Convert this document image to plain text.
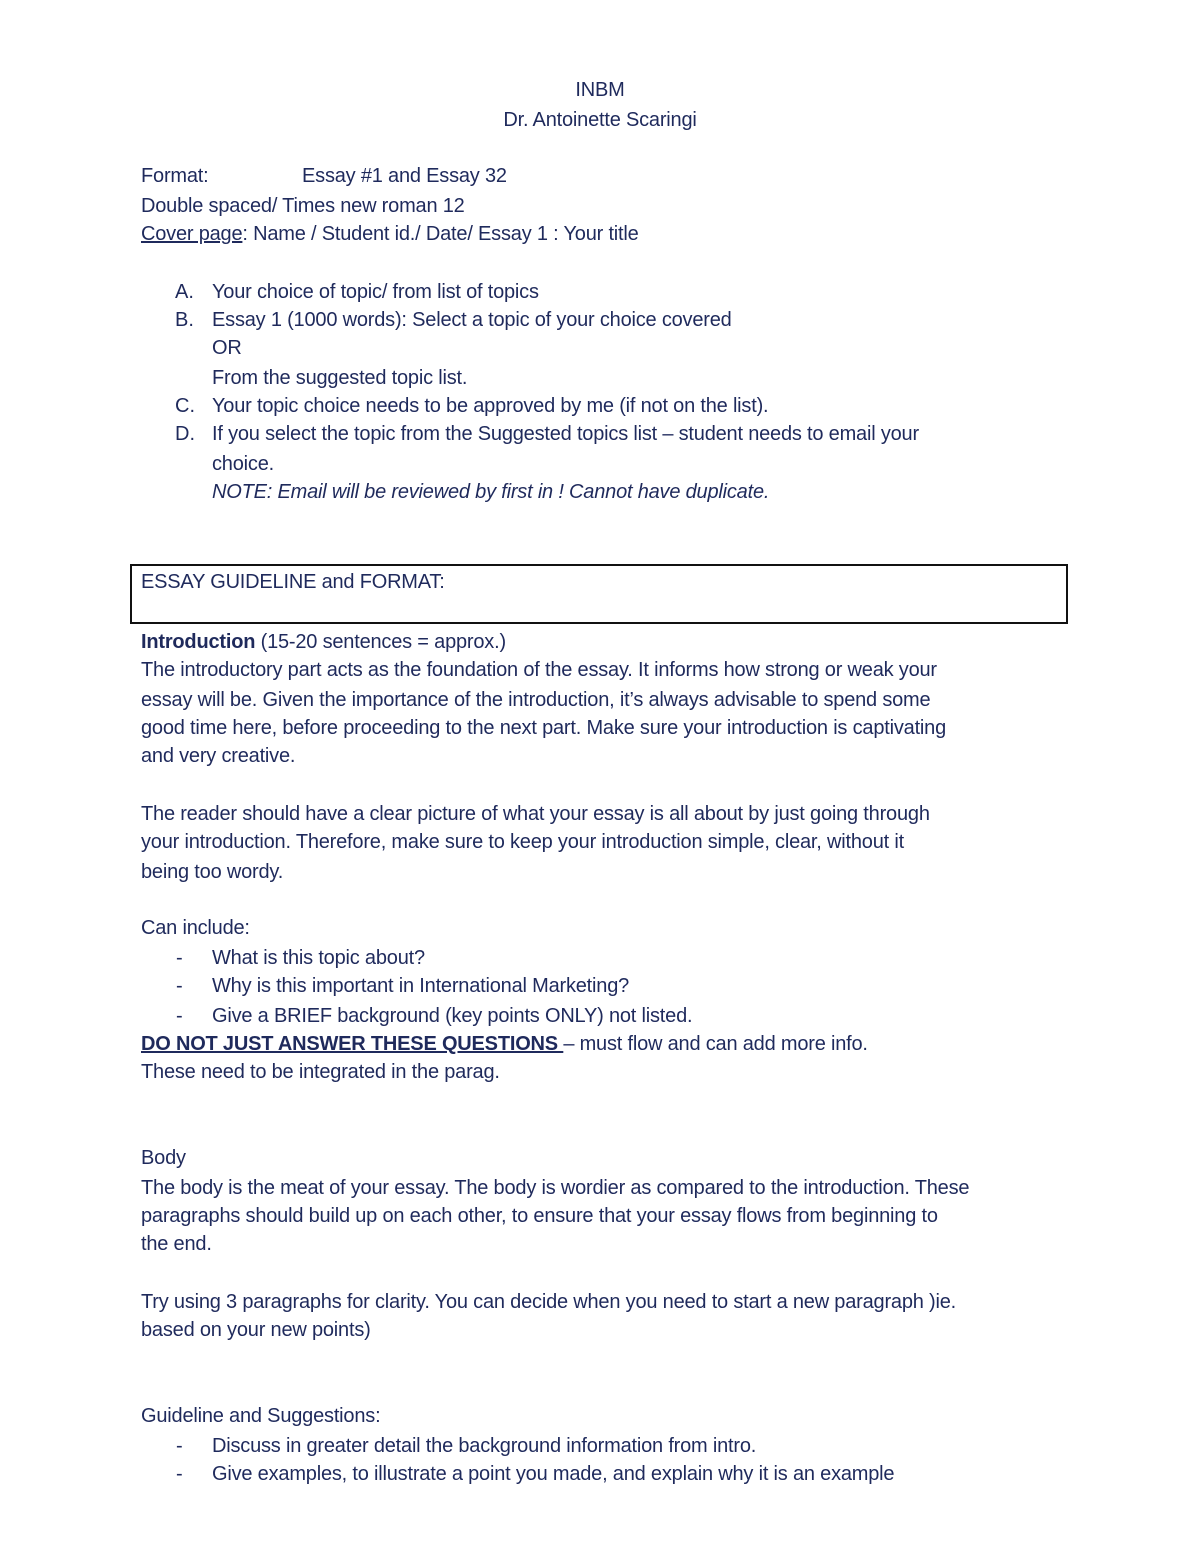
INBM
Dr. Antoinette Scaringi
Format:	Essay #1 and Essay 32
Double spaced/ Times new roman 12
Cover page: Name / Student id./ Date/ Essay 1 : Your title
A. Your choice of topic/ from list of topics
B. Essay 1 (1000 words): Select a topic of your choice covered
OR
From the suggested topic list.
C. Your topic choice needs to be approved by me (if not on the list).
D. If you select the topic from the Suggested topics list – student needs to email your
choice.
NOTE: Email will be reviewed by first in ! Cannot have duplicate.
ESSAY GUIDELINE and FORMAT:
Introduction (15-20 sentences = approx.)
The introductory part acts as the foundation of the essay. It informs how strong or weak your
essay will be. Given the importance of the introduction, it’s always advisable to spend some
good time here, before proceeding to the next part. Make sure your introduction is captivating
and very creative.
The reader should have a clear picture of what your essay is all about by just going through
your introduction. Therefore, make sure to keep your introduction simple, clear, without it
being too wordy.
Can include:
- What is this topic about?
- Why is this important in International Marketing?
- Give a BRIEF background (key points ONLY) not listed.
DO NOT JUST ANSWER THESE QUESTIONS – must flow and can add more info.
These need to be integrated in the parag.
Body
The body is the meat of your essay. The body is wordier as compared to the introduction. These
paragraphs should build up on each other, to ensure that your essay flows from beginning to
the end.
Try using 3 paragraphs for clarity. You can decide when you need to start a new paragraph )ie.
based on your new points)
Guideline and Suggestions:
- Discuss in greater detail the background information from intro.
- Give examples, to illustrate a point you made, and explain why it is an example
